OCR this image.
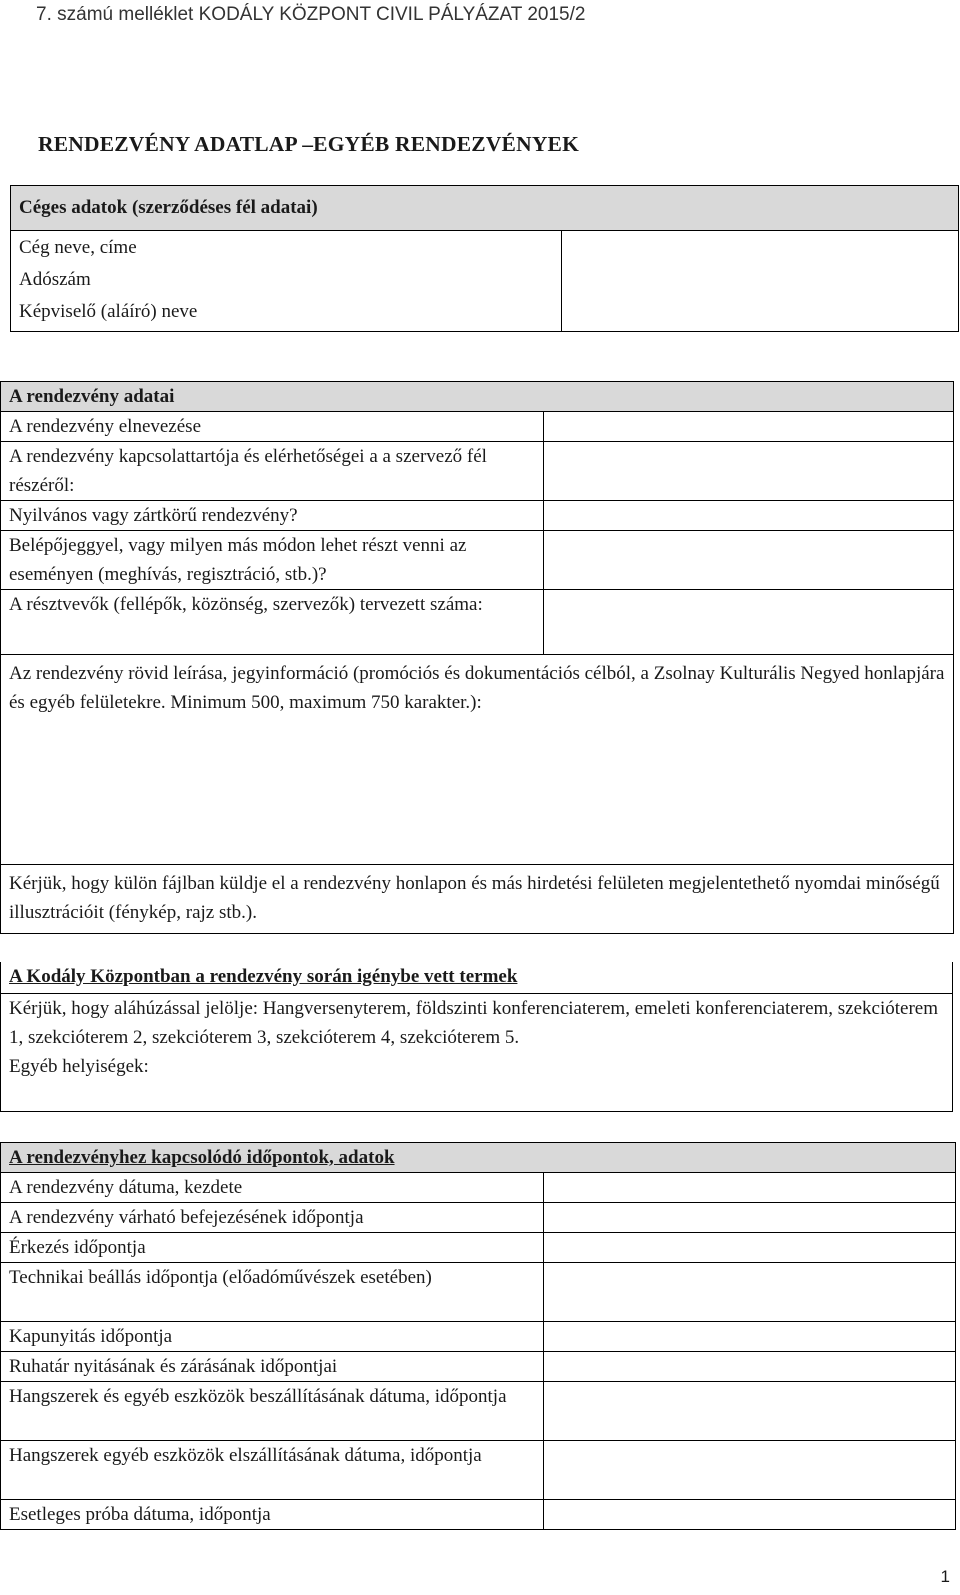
7. számú melléklet KODÁLY KÖZPONT CIVIL PÁLYÁZAT 2015/2
RENDEZVÉNY ADATLAP –EGYÉB RENDEZVÉNYEK
Céges adatok (szerződéses fél adatai)

Cég neve, címe
Adószám
Képviselő (aláíró) neve

A rendezvény adatai	
A rendezvény elnevezése	
A rendezvény kapcsolattartója és elérhetőségei a a szervező fél részéről:	
Nyilvános vagy zártkörű rendezvény?	
Belépőjeggyel, vagy milyen más módon lehet részt venni az eseményen (meghívás, regisztráció, stb.)?	
A résztvevők (fellépők, közönség, szervezők) tervezett száma:	

Az rendezvény rövid leírása, jegyinformáció (promóciós és dokumentációs célból, a Zsolnay Kulturális Negyed honlapjára és egyéb felületekre. Minimum 500, maximum 750 karakter.):	

Kérjük, hogy külön fájlban küldje el a rendezvény honlapon és más hirdetési felületen megjelentethető nyomdai minőségű illusztrációit (fénykép, rajz stb.).	
A Kodály Központban a rendezvény során igénybe vett termek
Kérjük, hogy aláhúzással jelölje: Hangversenyterem, földszinti konferenciaterem, emeleti konferenciaterem, szekcióterem 1, szekcióterem 2, szekcióterem 3, szekcióterem 4, szekcióterem 5.
Egyéb helyiségek:
A rendezvényhez kapcsolódó időpontok, adatok	
A rendezvény dátuma, kezdete	
A rendezvény várható befejezésének időpontja	
Érkezés időpontja	
Technikai beállás időpontja (előadóművészek esetében)	
Kapunyitás időpontja	
Ruhatár nyitásának és zárásának időpontjai	
Hangszerek és egyéb eszközök beszállításának dátuma, időpontja	
Hangszerek egyéb eszközök elszállításának dátuma, időpontja	
Esetleges próba dátuma, időpontja	
1
